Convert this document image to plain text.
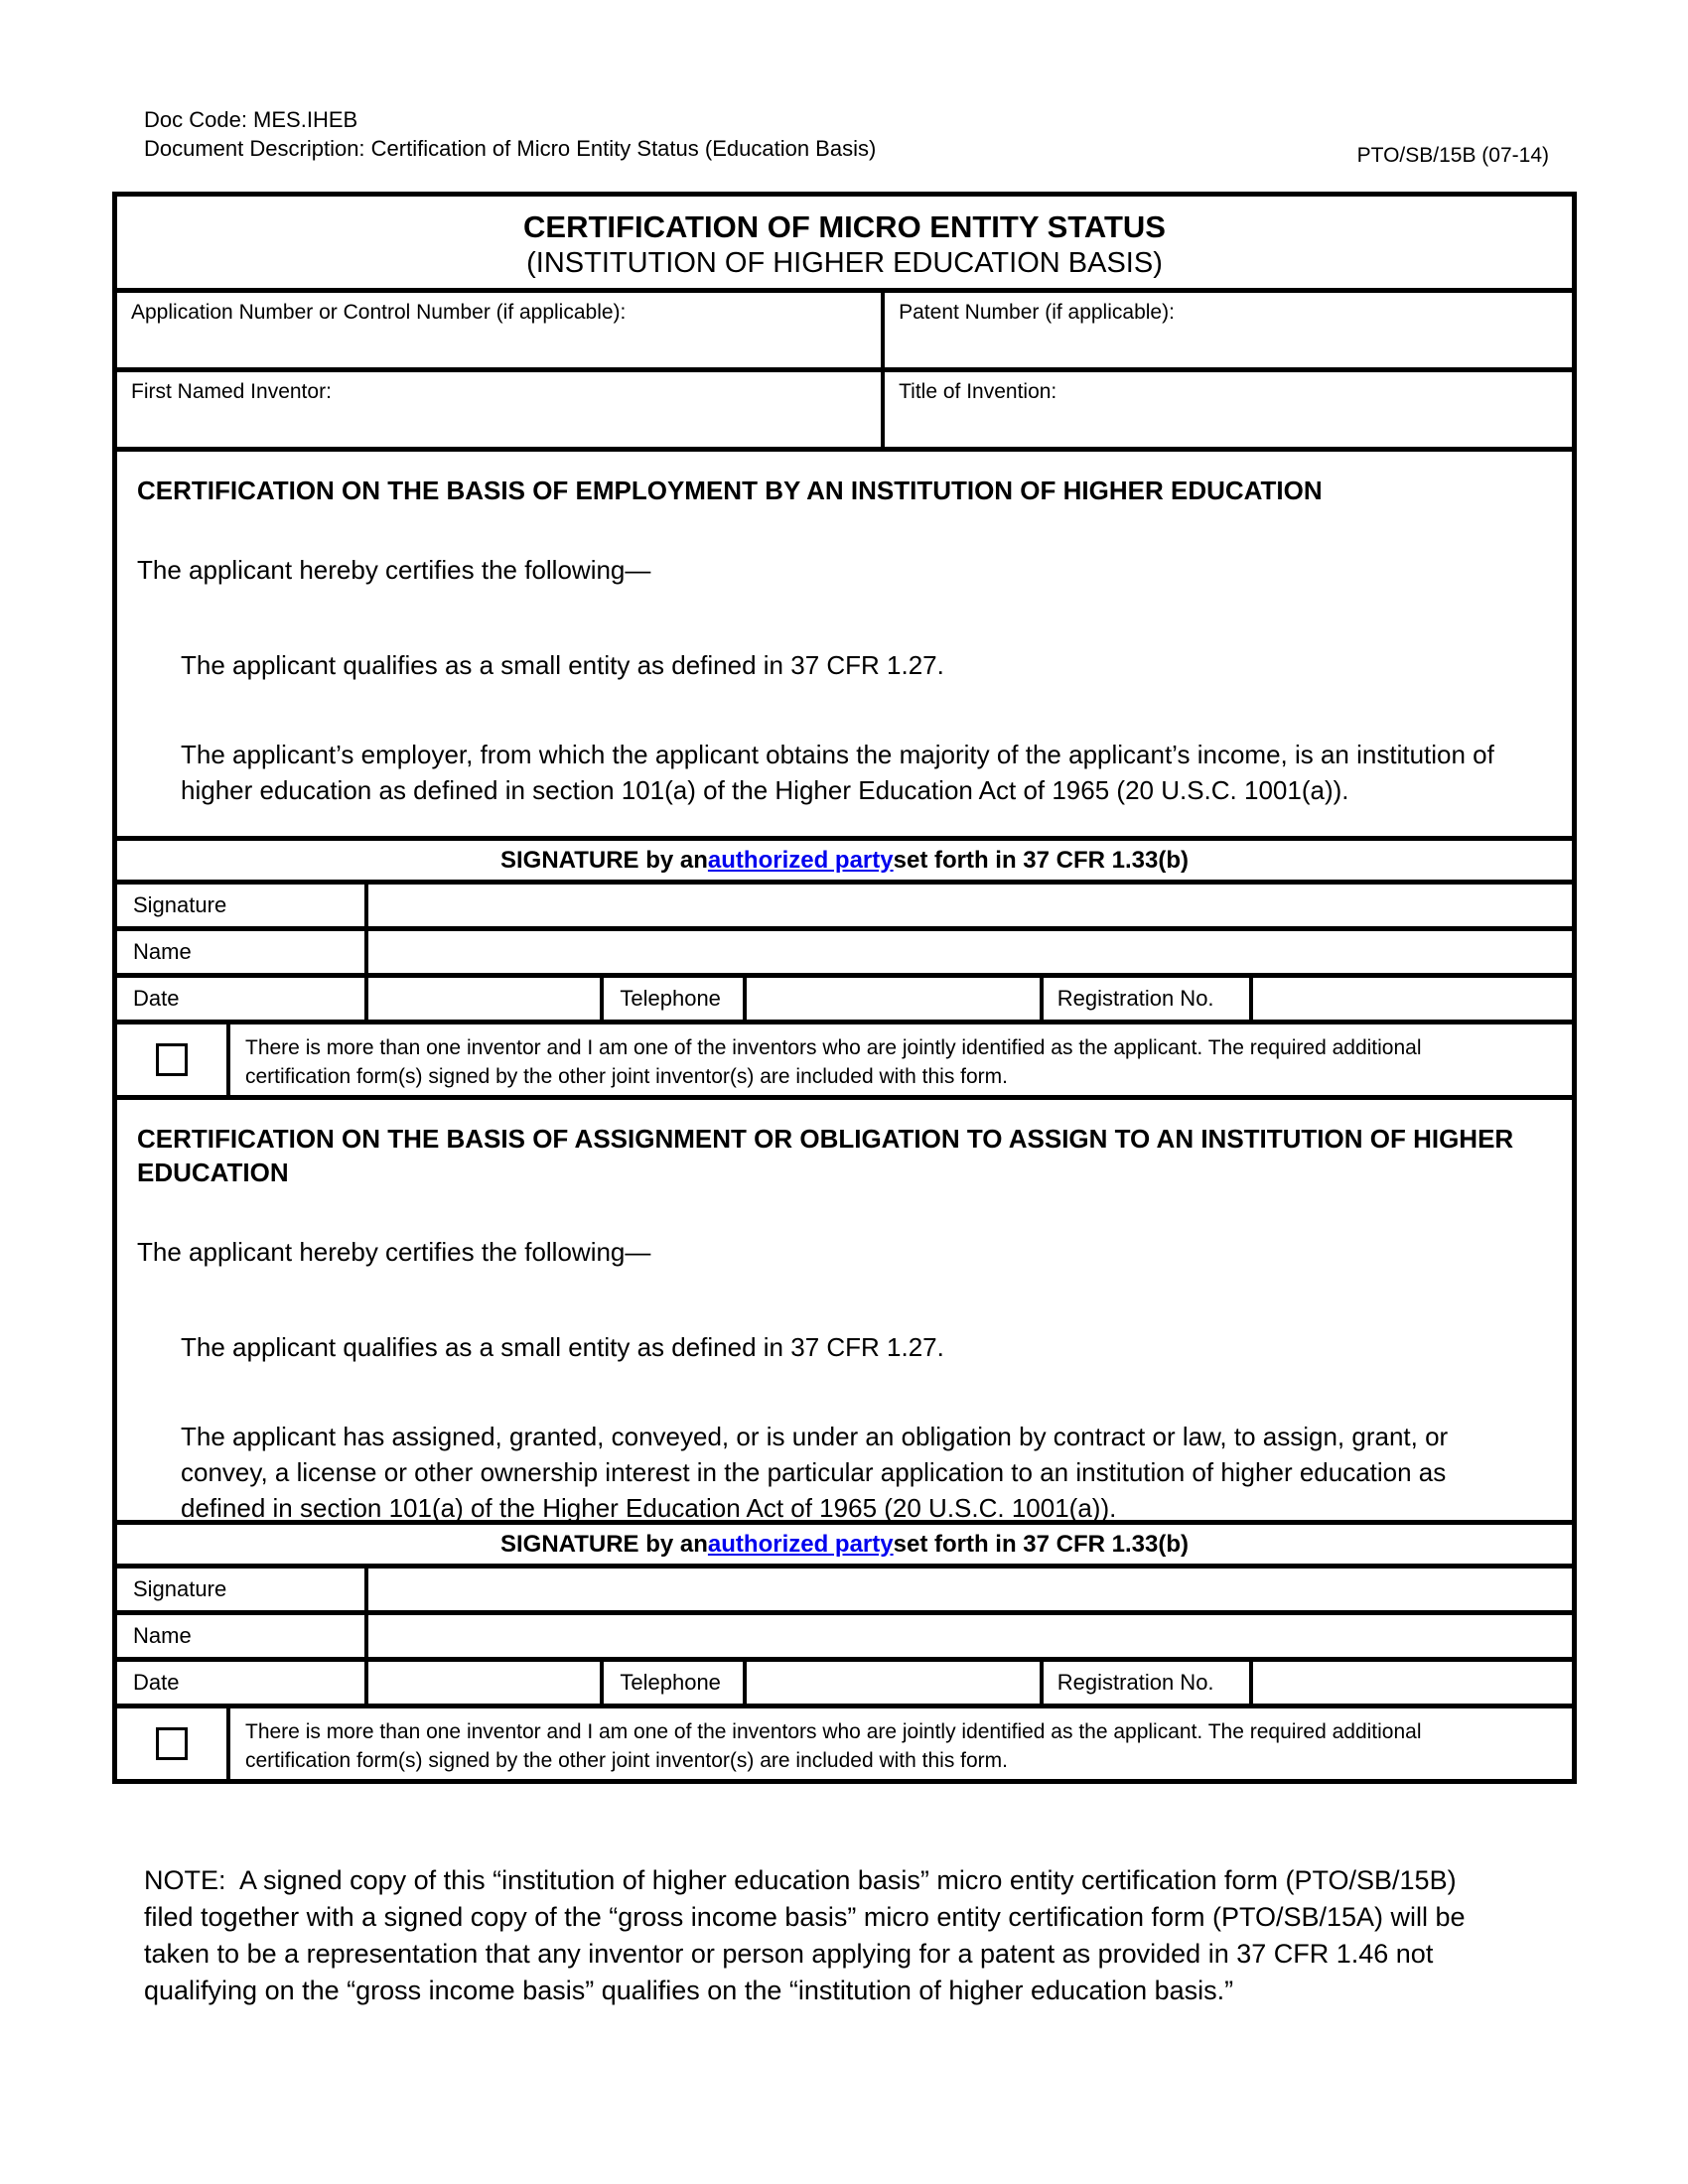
Doc Code: MES.IHEB
Document Description: Certification of Micro Entity Status (Education Basis)	PTO/SB/15B (07-14)
CERTIFICATION OF MICRO ENTITY STATUS
(INSTITUTION OF HIGHER EDUCATION BASIS)
Application Number or Control Number (if applicable):	Patent Number (if applicable):
First Named Inventor:	Title of Invention:
CERTIFICATION ON THE BASIS OF EMPLOYMENT BY AN INSTITUTION OF HIGHER EDUCATION
The applicant hereby certifies the following—
The applicant qualifies as a small entity as defined in 37 CFR 1.27.
The applicant’s employer, from which the applicant obtains the majority of the applicant’s income, is an institution of higher education as defined in section 101(a) of the Higher Education Act of 1965 (20 U.S.C. 1001(a)).
SIGNATURE by an authorized party set forth in 37 CFR 1.33(b)
Signature
Name
Date	Telephone	Registration No.
There is more than one inventor and I am one of the inventors who are jointly identified as the applicant. The required additional certification form(s) signed by the other joint inventor(s) are included with this form.
CERTIFICATION ON THE BASIS OF ASSIGNMENT OR OBLIGATION TO ASSIGN TO AN INSTITUTION OF HIGHER EDUCATION
The applicant hereby certifies the following—
The applicant qualifies as a small entity as defined in 37 CFR 1.27.
The applicant has assigned, granted, conveyed, or is under an obligation by contract or law, to assign, grant, or convey, a license or other ownership interest in the particular application to an institution of higher education as defined in section 101(a) of the Higher Education Act of 1965 (20 U.S.C. 1001(a)).
SIGNATURE by an authorized party set forth in 37 CFR 1.33(b)
Signature
Name
Date	Telephone	Registration No.
There is more than one inventor and I am one of the inventors who are jointly identified as the applicant. The required additional certification form(s) signed by the other joint inventor(s) are included with this form.
NOTE:  A signed copy of this “institution of higher education basis” micro entity certification form (PTO/SB/15B) filed together with a signed copy of the “gross income basis” micro entity certification form (PTO/SB/15A) will be taken to be a representation that any inventor or person applying for a patent as provided in 37 CFR 1.46 not qualifying on the “gross income basis” qualifies on the “institution of higher education basis.”
